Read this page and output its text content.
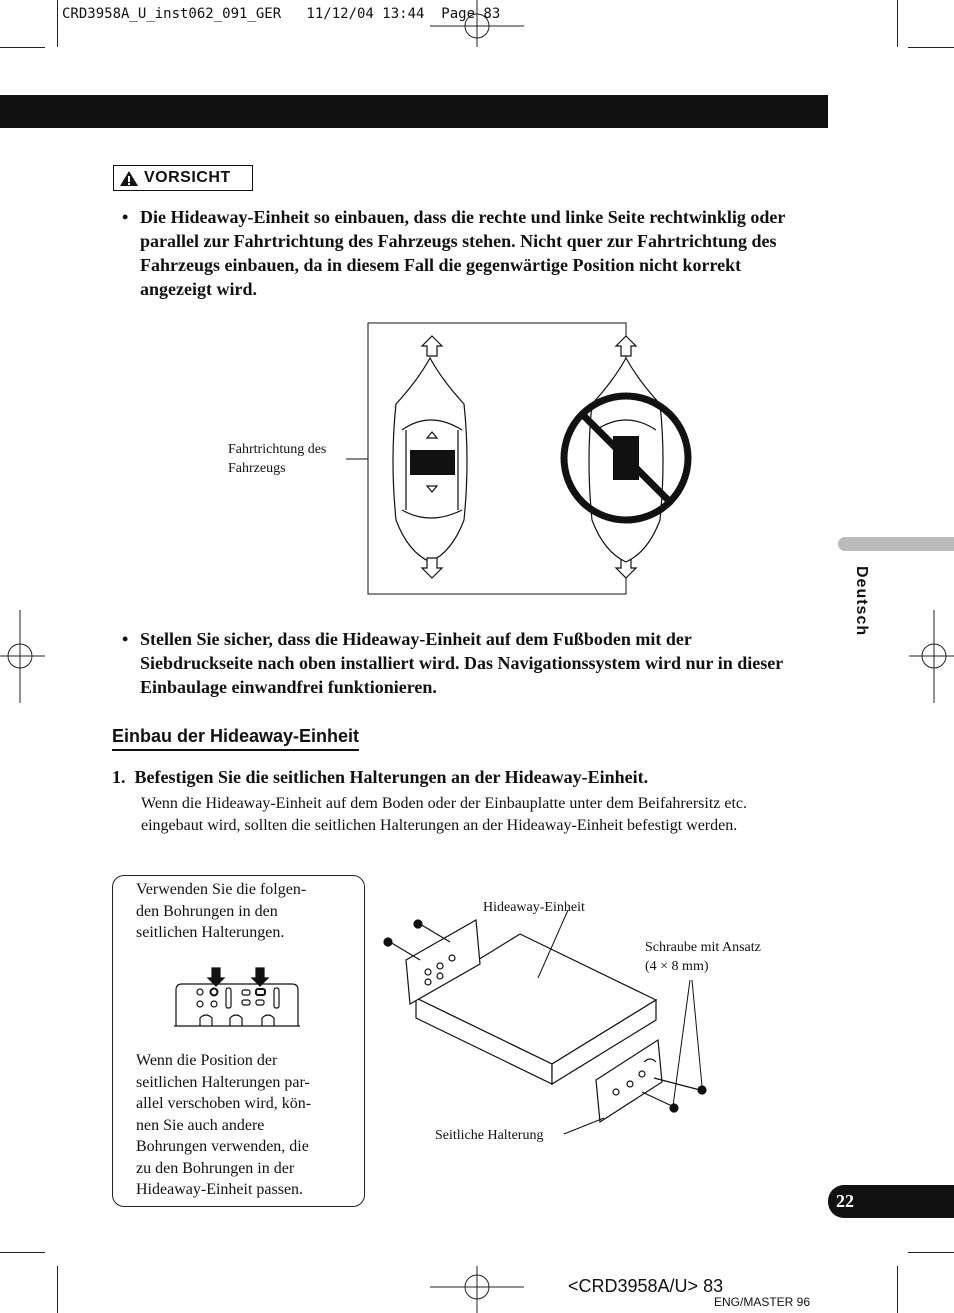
CRD3958A_U_inst062_091_GER   11/12/04 13:44  Page 83
VORSICHT
• Die Hideaway-Einheit so einbauen, dass die rechte und linke Seite rechtwinklig oder parallel zur Fahrtrichtung des Fahrzeugs stehen. Nicht quer zur Fahrtrichtung des Fahrzeugs einbauen, da in diesem Fall die gegenwärtige Position nicht korrekt angezeigt wird.
Fahrtrichtung des
Fahrzeugs
• Stellen Sie sicher, dass die Hideaway-Einheit auf dem Fußboden mit der Siebdruckseite nach oben installiert wird. Das Navigationssystem wird nur in dieser Einbaulage einwandfrei funktionieren.
Einbau der Hideaway-Einheit
1.  Befestigen Sie die seitlichen Halterungen an der Hideaway-Einheit.
Wenn die Hideaway-Einheit auf dem Boden oder der Einbauplatte unter dem Beifahrersitz etc. eingebaut wird, sollten die seitlichen Halterungen an der Hideaway-Einheit befestigt werden.
Verwenden Sie die folgen-
den Bohrungen in den
seitlichen Halterungen.
Wenn die Position der
seitlichen Halterungen par-
allel verschoben wird, kön-
nen Sie auch andere
Bohrungen verwenden, die
zu den Bohrungen in der
Hideaway-Einheit passen.
Hideaway-Einheit
Schraube mit Ansatz
(4 × 8 mm)
Seitliche Halterung
Deutsch
22
<CRD3958A/U> 83
ENG/MASTER 96
